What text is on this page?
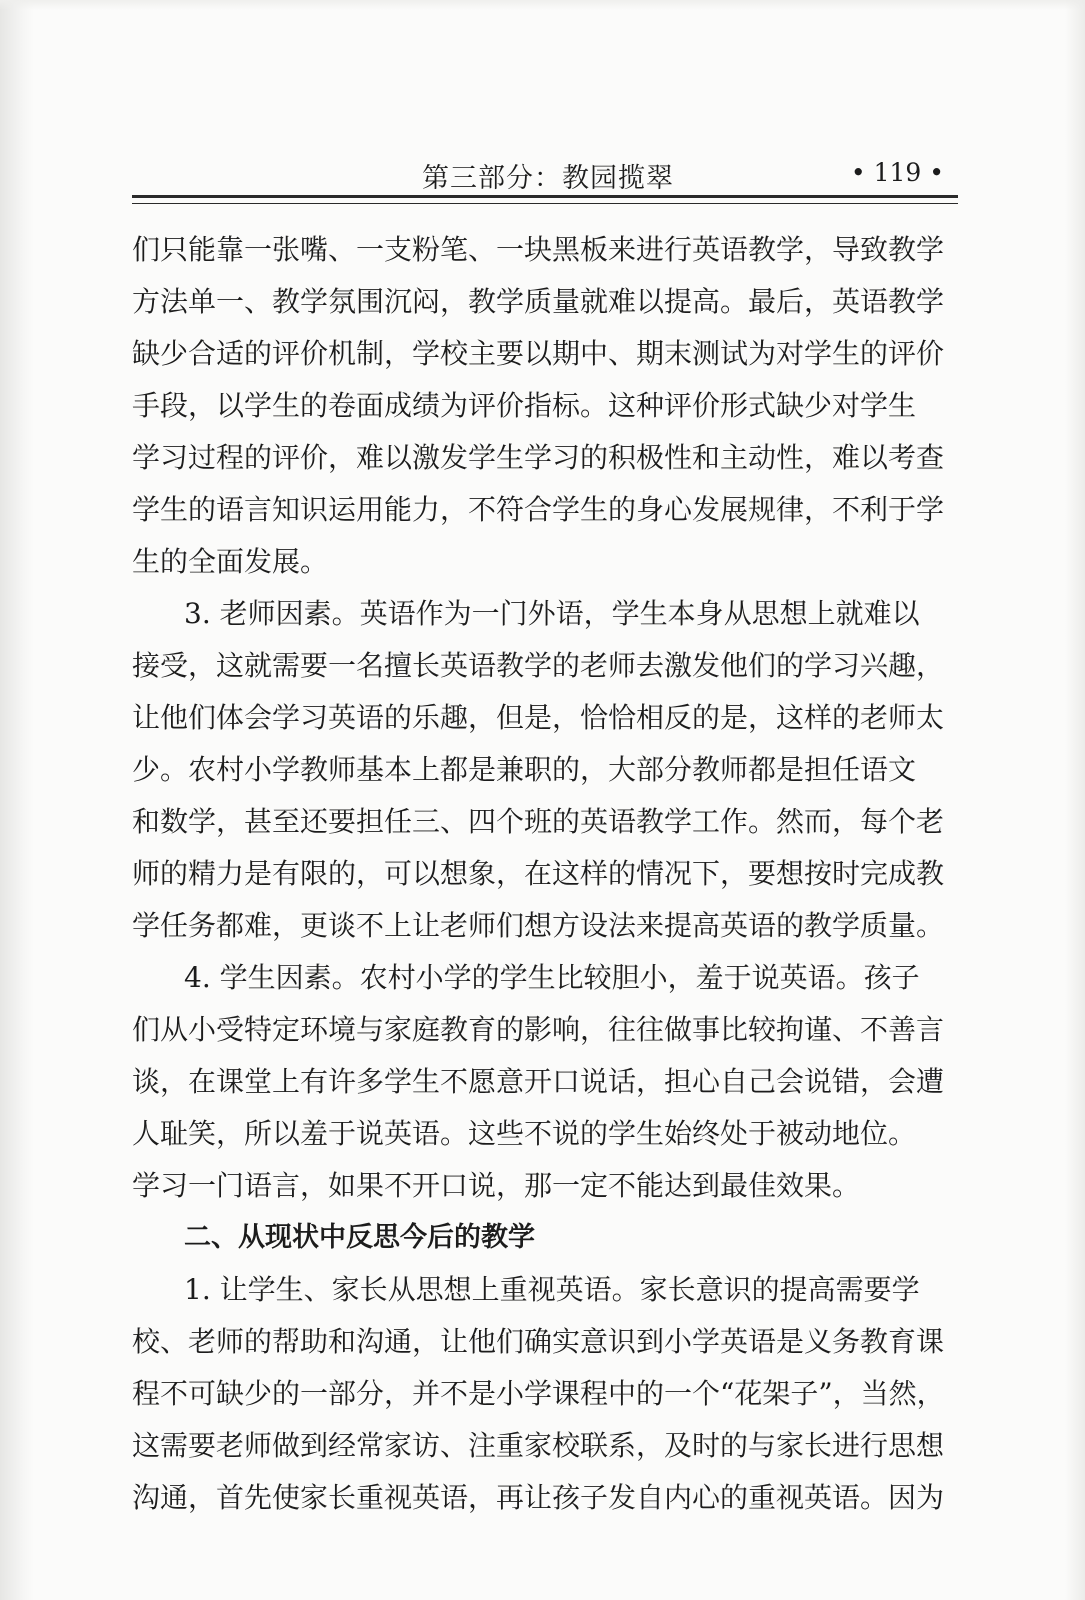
第三部分：教园揽翠	• 119 •
们只能靠一张嘴、一支粉笔、一块黑板来进行英语教学，导致教学
方法单一、教学氛围沉闷，教学质量就难以提高。最后，英语教学
缺少合适的评价机制，学校主要以期中、期末测试为对学生的评价
手段，以学生的卷面成绩为评价指标。这种评价形式缺少对学生
学习过程的评价，难以激发学生学习的积极性和主动性，难以考查
学生的语言知识运用能力，不符合学生的身心发展规律，不利于学
生的全面发展。
3. 老师因素。英语作为一门外语，学生本身从思想上就难以
接受，这就需要一名擅长英语教学的老师去激发他们的学习兴趣，
让他们体会学习英语的乐趣，但是，恰恰相反的是，这样的老师太
少。农村小学教师基本上都是兼职的，大部分教师都是担任语文
和数学，甚至还要担任三、四个班的英语教学工作。然而，每个老
师的精力是有限的，可以想象，在这样的情况下，要想按时完成教
学任务都难，更谈不上让老师们想方设法来提高英语的教学质量。
4. 学生因素。农村小学的学生比较胆小，羞于说英语。孩子
们从小受特定环境与家庭教育的影响，往往做事比较拘谨、不善言
谈，在课堂上有许多学生不愿意开口说话，担心自己会说错，会遭
人耻笑，所以羞于说英语。这些不说的学生始终处于被动地位。
学习一门语言，如果不开口说，那一定不能达到最佳效果。
二、从现状中反思今后的教学
1. 让学生、家长从思想上重视英语。家长意识的提高需要学
校、老师的帮助和沟通，让他们确实意识到小学英语是义务教育课
程不可缺少的一部分，并不是小学课程中的一个“花架子”，当然，
这需要老师做到经常家访、注重家校联系，及时的与家长进行思想
沟通，首先使家长重视英语，再让孩子发自内心的重视英语。因为
